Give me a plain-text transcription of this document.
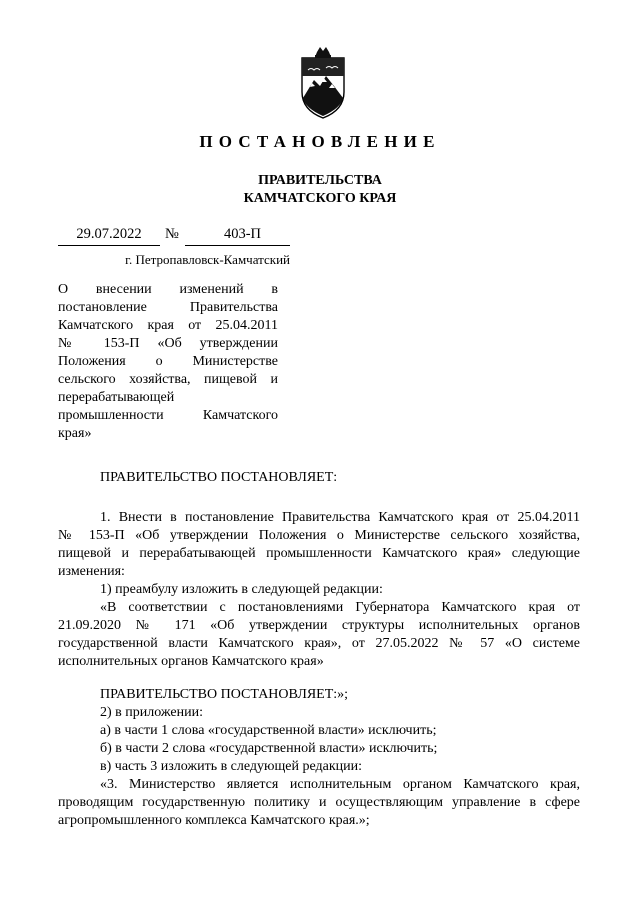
ПОСТАНОВЛЕНИЕ
ПРАВИТЕЛЬСТВА
КАМЧАТСКОГО КРАЯ
29.07.2022	№	403-П
г. Петропавловск-Камчатский
О внесении изменений в
постановление Правительства
Камчатского края от 25.04.2011
№ 153-П «Об утверждении
Положения о Министерстве
сельского хозяйства, пищевой и
перерабатывающей
промышленности Камчатского
края»
ПРАВИТЕЛЬСТВО ПОСТАНОВЛЯЕТ:
1. Внести в постановление Правительства Камчатского края от 25.04.2011
№ 153-П «Об утверждении Положения о Министерстве сельского хозяйства,
пищевой и перерабатывающей промышленности Камчатского края» следующие
изменения:
1) преамбулу изложить в следующей редакции:
«В соответствии с постановлениями Губернатора Камчатского края от
21.09.2020 № 171 «Об утверждении структуры исполнительных органов
государственной власти Камчатского края», от 27.05.2022 № 57 «О системе
исполнительных органов Камчатского края»
ПРАВИТЕЛЬСТВО ПОСТАНОВЛЯЕТ:»;
2) в приложении:
а) в части 1 слова «государственной власти» исключить;
б) в части 2 слова «государственной власти» исключить;
в) часть 3 изложить в следующей редакции:
«3. Министерство является исполнительным органом Камчатского края,
проводящим государственную политику и осуществляющим управление в сфере
агропромышленного комплекса Камчатского края.»;
